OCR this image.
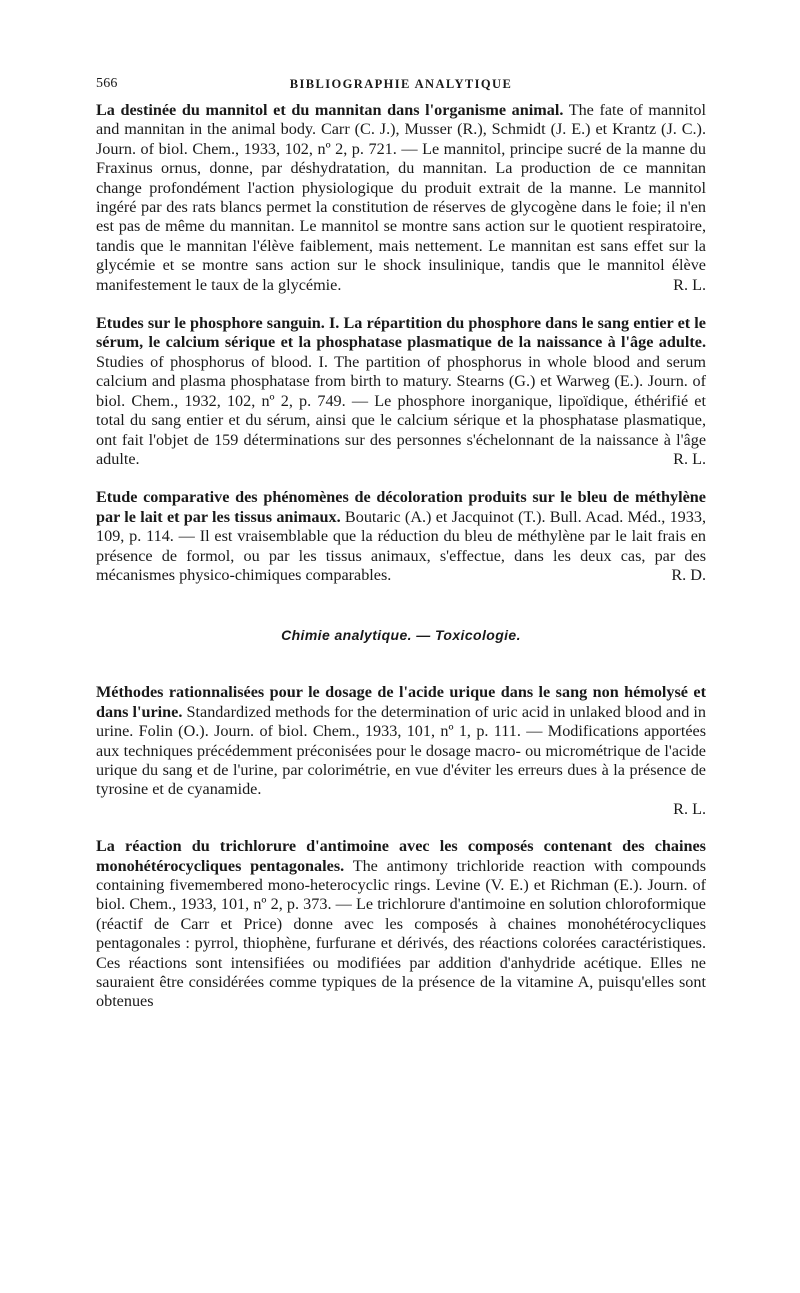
566	BIBLIOGRAPHIE ANALYTIQUE

La destinée du mannitol et du mannitan dans l'organisme animal. The fate of mannitol and mannitan in the animal body. Carr (C. J.), Musser (R.), Schmidt (J. E.) et Krantz (J. C.). Journ. of biol. Chem., 1933, 102, nº 2, p. 721. — Le mannitol, principe sucré de la manne du Fraxinus ornus, donne, par déshydratation, du mannitan. La production de ce mannitan change profondément l'action physiologique du produit extrait de la manne. Le mannitol ingéré par des rats blancs permet la constitution de réserves de glycogène dans le foie; il n'en est pas de même du mannitan. Le mannitol se montre sans action sur le quotient respiratoire, tandis que le mannitan l'élève faiblement, mais nettement. Le mannitan est sans effet sur la glycémie et se montre sans action sur le shock insulinique, tandis que le mannitol élève manifestement le taux de la glycémie.	R. L.

Etudes sur le phosphore sanguin. I. La répartition du phosphore dans le sang entier et le sérum, le calcium sérique et la phosphatase plasmatique de la naissance à l'âge adulte. Studies of phosphorus of blood. I. The partition of phosphorus in whole blood and serum calcium and plasma phosphatase from birth to matury. Stearns (G.) et Warweg (E.). Journ. of biol. Chem., 1932, 102, nº 2, p. 749. — Le phosphore inorganique, lipoïdique, éthérifié et total du sang entier et du sérum, ainsi que le calcium sérique et la phosphatase plasmatique, ont fait l'objet de 159 déterminations sur des personnes s'échelonnant de la naissance à l'âge adulte.	R. L.

Etude comparative des phénomènes de décoloration produits sur le bleu de méthylène par le lait et par les tissus animaux. Boutaric (A.) et Jacquinot (T.). Bull. Acad. Méd., 1933, 109, p. 114. — Il est vraisemblable que la réduction du bleu de méthylène par le lait frais en présence de formol, ou par les tissus animaux, s'effectue, dans les deux cas, par des mécanismes physico-chimiques comparables.	R. D.

Chimie analytique. — Toxicologie.

Méthodes rationnalisées pour le dosage de l'acide urique dans le sang non hémolysé et dans l'urine. Standardized methods for the determination of uric acid in unlaked blood and in urine. Folin (O.). Journ. of biol. Chem., 1933, 101, nº 1, p. 111. — Modifications apportées aux techniques précédemment préconisées pour le dosage macro- ou micrométrique de l'acide urique du sang et de l'urine, par colorimétrie, en vue d'éviter les erreurs dues à la présence de tyrosine et de cyanamide.
R. L.

La réaction du trichlorure d'antimoine avec les composés contenant des chaines monohétérocycliques pentagonales. The antimony trichloride reaction with compounds containing fivemembered mono-heterocyclic rings. Levine (V. E.) et Richman (E.). Journ. of biol. Chem., 1933, 101, nº 2, p. 373. — Le trichlorure d'antimoine en solution chloroformique (réactif de Carr et Price) donne avec les composés à chaines monohétérocycliques pentagonales : pyrrol, thiophène, furfurane et dérivés, des réactions colorées caractéristiques. Ces réactions sont intensifiées ou modifiées par addition d'anhydride acétique. Elles ne sauraient être considérées comme typiques de la présence de la vitamine A, puisqu'elles sont obtenues
